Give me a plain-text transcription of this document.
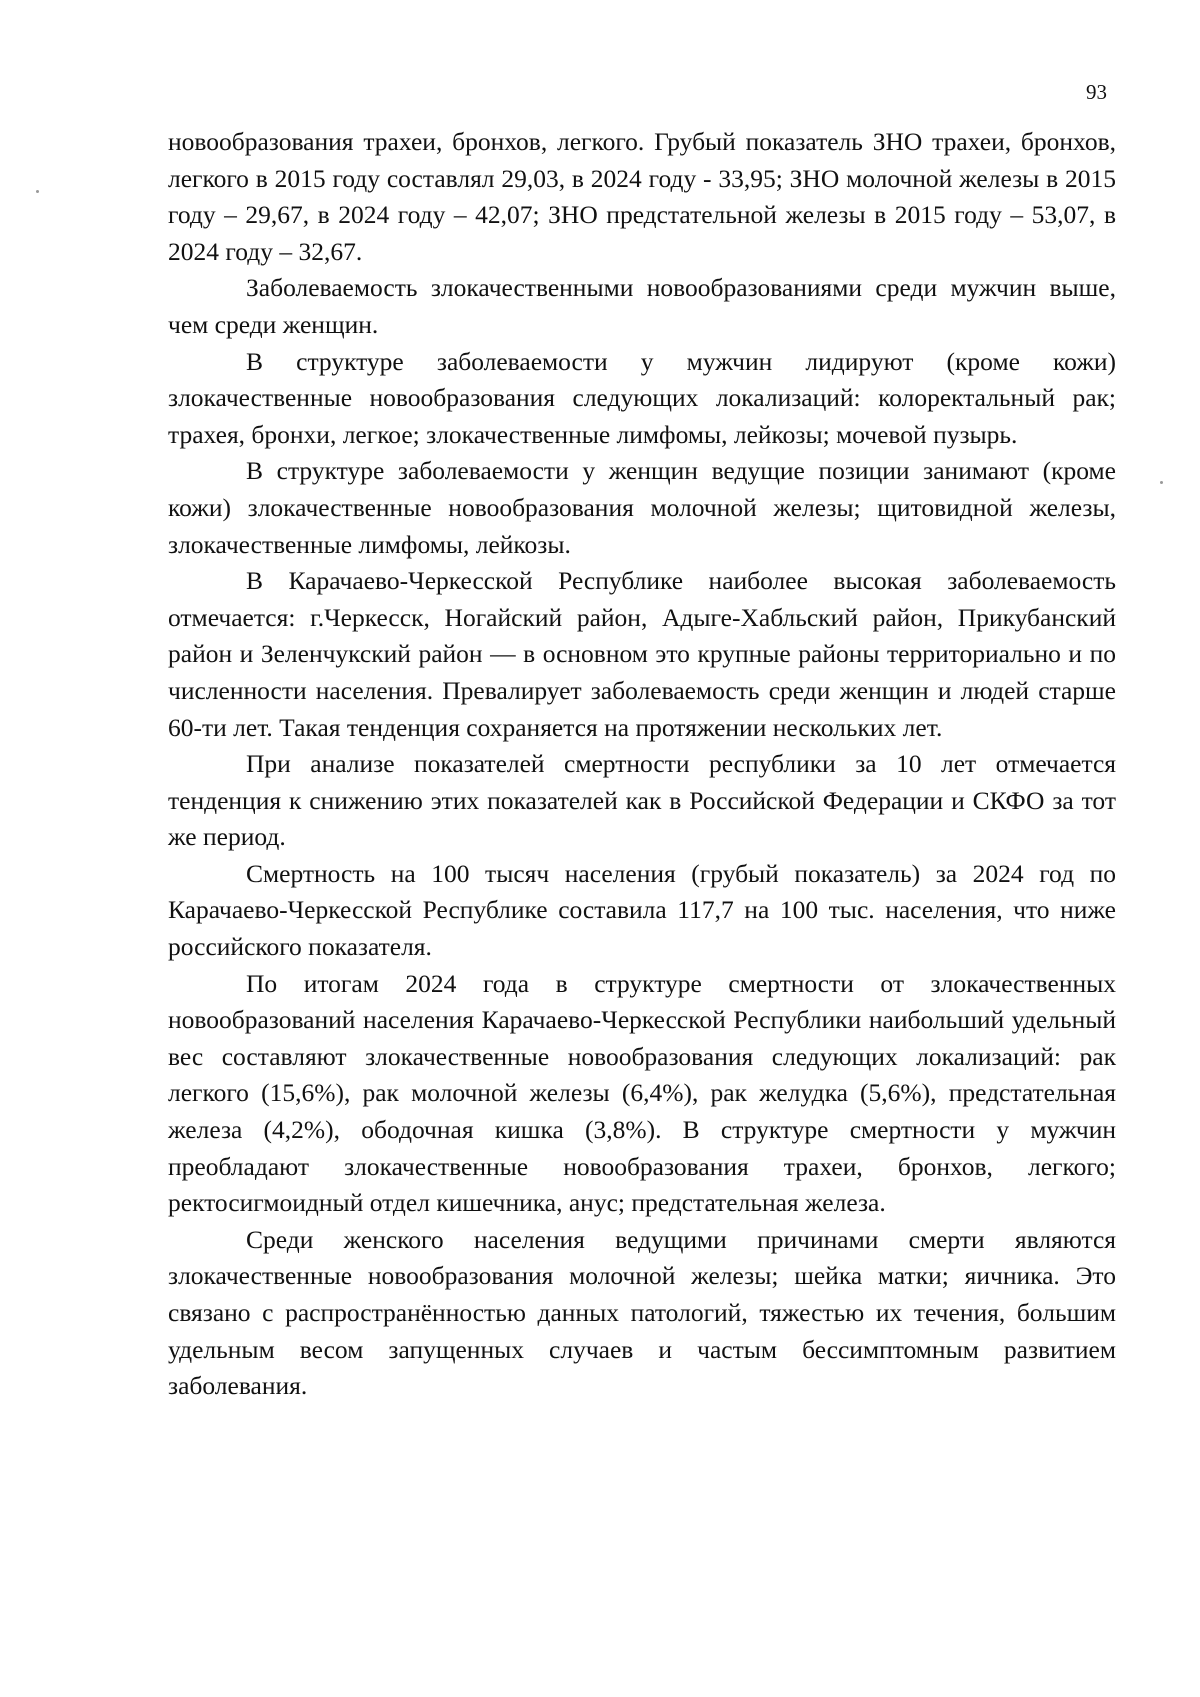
93

новообразования трахеи, бронхов, легкого. Грубый показатель ЗНО трахеи, бронхов, легкого в 2015 году составлял 29,03, в 2024 году - 33,95; ЗНО молочной железы в 2015 году – 29,67, в 2024 году – 42,07; ЗНО предстательной железы в 2015 году – 53,07, в 2024 году – 32,67.

Заболеваемость злокачественными новообразованиями среди мужчин выше, чем среди женщин.

В структуре заболеваемости у мужчин лидируют (кроме кожи) злокачественные новообразования следующих локализаций: колоректальный рак; трахея, бронхи, легкое; злокачественные лимфомы, лейкозы; мочевой пузырь.

В структуре заболеваемости у женщин ведущие позиции занимают (кроме кожи) злокачественные новообразования молочной железы; щитовидной железы, злокачественные лимфомы, лейкозы.

В Карачаево-Черкесской Республике наиболее высокая заболеваемость отмечается: г.Черкесск, Ногайский район, Адыге-Хабльский район, Прикубанский район и Зеленчукский район — в основном это крупные районы территориально и по численности населения. Превалирует заболеваемость среди женщин и людей старше 60-ти лет. Такая тенденция сохраняется на протяжении нескольких лет.

При анализе показателей смертности республики за 10 лет отмечается тенденция к снижению этих показателей как в Российской Федерации и СКФО за тот же период.

Смертность на 100 тысяч населения (грубый показатель) за 2024 год по Карачаево-Черкесской Республике составила 117,7 на 100 тыс. населения, что ниже российского показателя.

По итогам 2024 года в структуре смертности от злокачественных новообразований населения Карачаево-Черкесской Республики наибольший удельный вес составляют злокачественные новообразования следующих локализаций: рак легкого (15,6%), рак молочной железы (6,4%), рак желудка (5,6%), предстательная железа (4,2%), ободочная кишка (3,8%). В структуре смертности у мужчин преобладают злокачественные новообразования трахеи, бронхов, легкого; ректосигмоидный отдел кишечника, анус; предстательная железа.

Среди женского населения ведущими причинами смерти являются злокачественные новообразования молочной железы; шейка матки; яичника. Это связано с распространённостью данных патологий, тяжестью их течения, большим удельным весом запущенных случаев и частым бессимптомным развитием заболевания.
